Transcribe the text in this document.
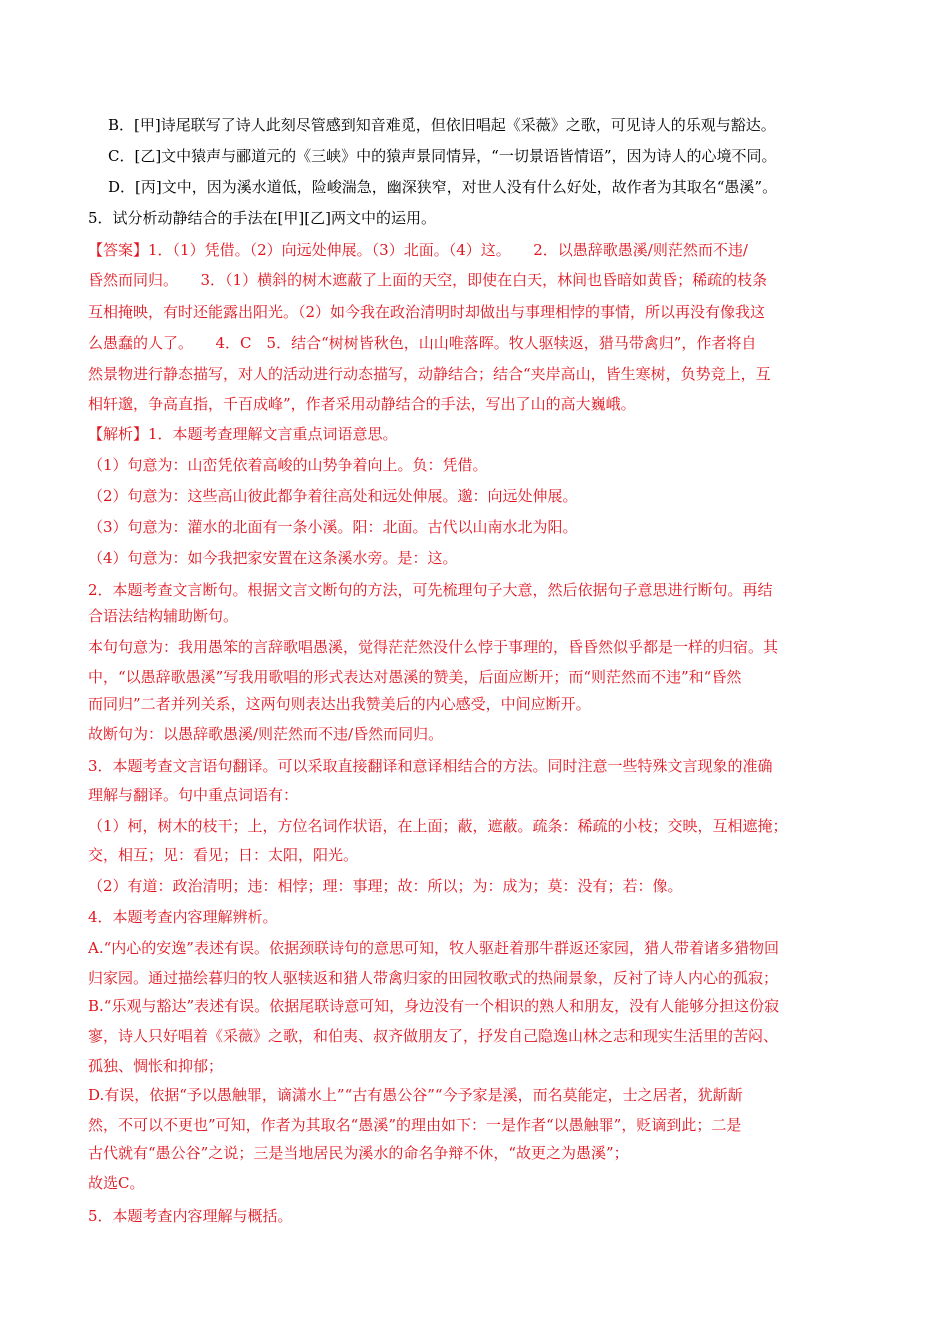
B．[甲]诗尾联写了诗人此刻尽管感到知音难觅，但依旧唱起《采薇》之歌，可见诗人的乐观与豁达。
C．[乙]文中猿声与郦道元的《三峡》中的猿声景同情异，“一切景语皆情语”，因为诗人的心境不同。
D．[丙]文中，因为溪水道低，险峻湍急，幽深狭窄，对世人没有什么好处，故作者为其取名“愚溪”。
5．试分析动静结合的手法在[甲][乙]两文中的运用。
【答案】1．（1）凭借。（2）向远处伸展。（3）北面。（4）这。　　2．以愚辞歌愚溪/则茫然而不违/
昏然而同归。　　3．（1）横斜的树木遮蔽了上面的天空，即使在白天，林间也昏暗如黄昏；稀疏的枝条
互相掩映，有时还能露出阳光。（2）如今我在政治清明时却做出与事理相悖的事情，所以再没有像我这
么愚蠢的人了。　　4．C　5．结合“树树皆秋色，山山唯落晖。牧人驱犊返，猎马带禽归”，作者将自
然景物进行静态描写，对人的活动进行动态描写，动静结合；结合“夹岸高山，皆生寒树，负势竞上，互
相轩邈，争高直指，千百成峰”，作者采用动静结合的手法，写出了山的高大巍峨。
【解析】1．本题考查理解文言重点词语意思。
（1）句意为：山峦凭依着高峻的山势争着向上。负：凭借。
（2）句意为：这些高山彼此都争着往高处和远处伸展。邈：向远处伸展。
（3）句意为：灌水的北面有一条小溪。阳：北面。古代以山南水北为阳。
（4）句意为：如今我把家安置在这条溪水旁。是：这。
2．本题考查文言断句。根据文言文断句的方法，可先梳理句子大意，然后依据句子意思进行断句。再结
合语法结构辅助断句。
本句句意为：我用愚笨的言辞歌唱愚溪，觉得茫茫然没什么悖于事理的，昏昏然似乎都是一样的归宿。其
中，“以愚辞歌愚溪”写我用歌唱的形式表达对愚溪的赞美，后面应断开；而“则茫然而不违”和“昏然
而同归”二者并列关系，这两句则表达出我赞美后的内心感受，中间应断开。
故断句为：以愚辞歌愚溪/则茫然而不违/昏然而同归。
3．本题考查文言语句翻译。可以采取直接翻译和意译相结合的方法。同时注意一些特殊文言现象的准确
理解与翻译。句中重点词语有：
（1）柯，树木的枝干；上，方位名词作状语，在上面；蔽，遮蔽。疏条：稀疏的小枝；交映，互相遮掩；
交，相互；见：看见；日：太阳，阳光。
（2）有道：政治清明；违：相悖；理：事理；故：所以；为：成为；莫：没有；若：像。
4．本题考查内容理解辨析。
A.“内心的安逸”表述有误。依据颈联诗句的意思可知，牧人驱赶着那牛群返还家园，猎人带着诸多猎物回
归家园。通过描绘暮归的牧人驱犊返和猎人带禽归家的田园牧歌式的热闹景象，反衬了诗人内心的孤寂；
B.“乐观与豁达”表述有误。依据尾联诗意可知，身边没有一个相识的熟人和朋友，没有人能够分担这份寂
寥，诗人只好唱着《采薇》之歌，和伯夷、叔齐做朋友了，抒发自己隐逸山林之志和现实生活里的苦闷、
孤独、惆怅和抑郁；
D.有误，依据“予以愚触罪，谪潇水上”“古有愚公谷”“今予家是溪，而名莫能定，士之居者，犹龂龂
然，不可以不更也”可知，作者为其取名“愚溪”的理由如下：一是作者“以愚触罪”，贬谪到此；二是
古代就有“愚公谷”之说；三是当地居民为溪水的命名争辩不休，“故更之为愚溪”；
故选C。
5．本题考查内容理解与概括。
